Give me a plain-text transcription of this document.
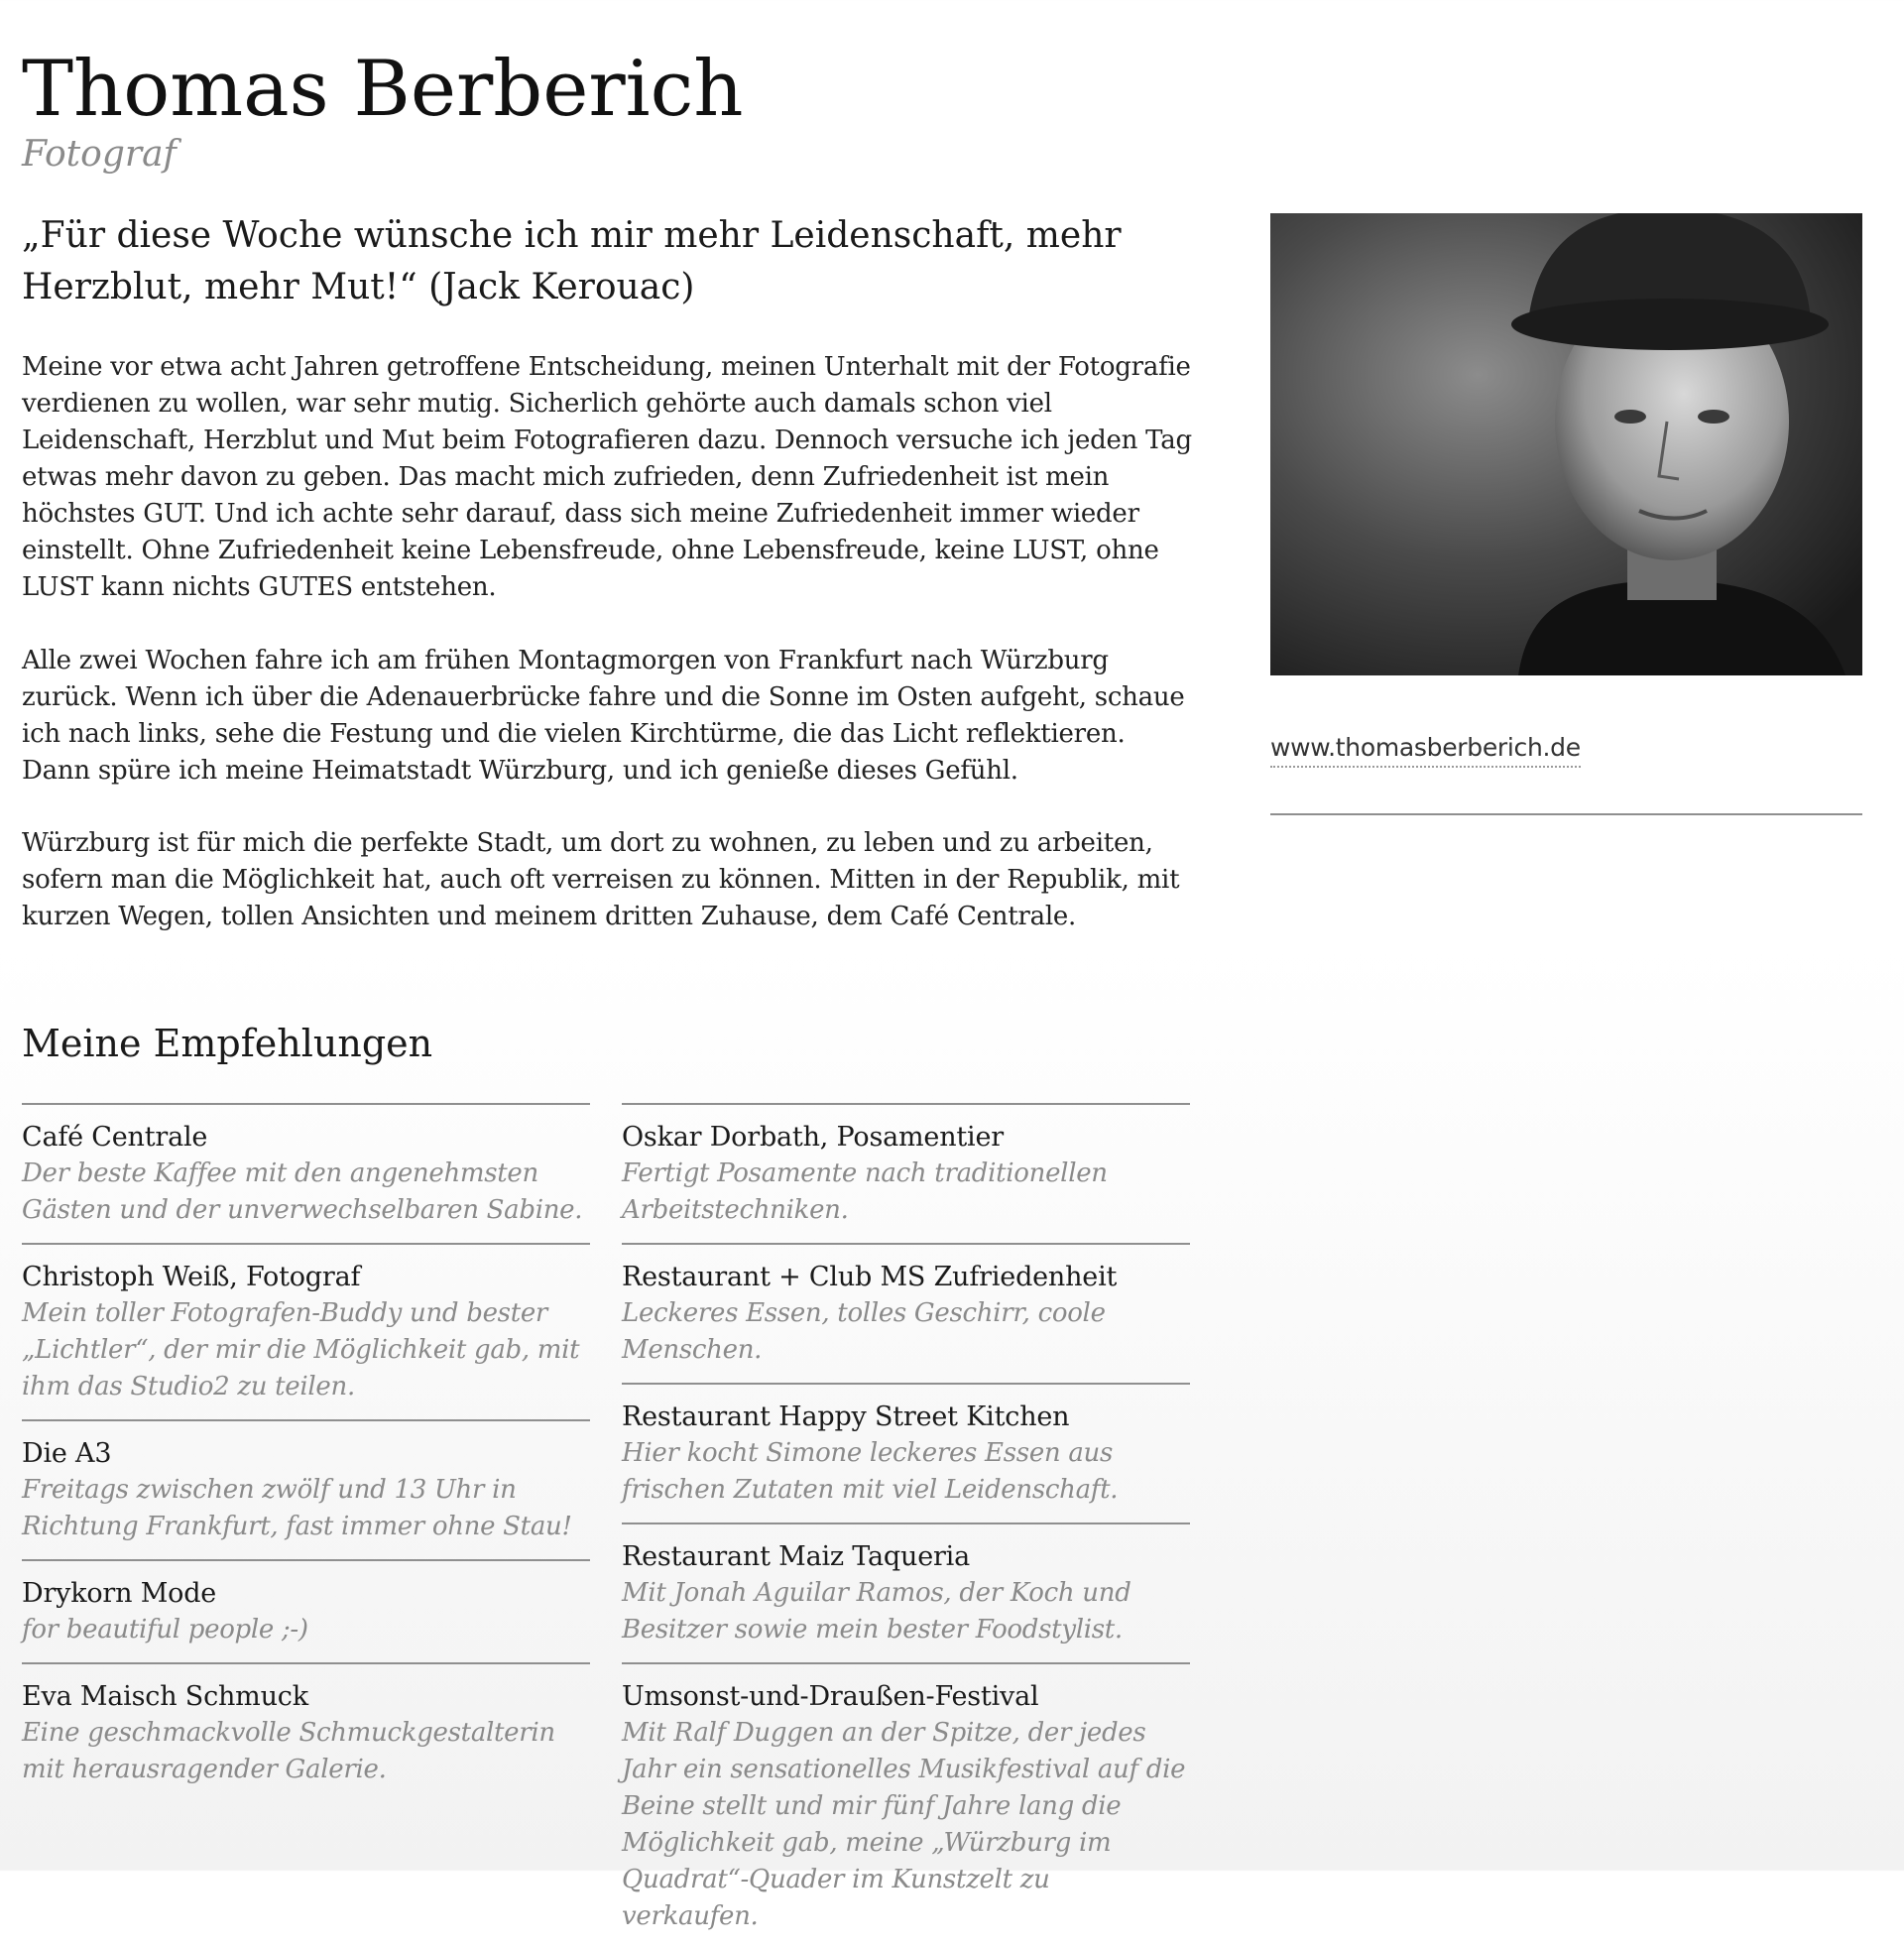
Thomas Berberich

Fotograf

„Für diese Woche wünsche ich mir mehr Leidenschaft, mehr Herzblut, mehr Mut!“ (Jack Kerouac)

Meine vor etwa acht Jahren getroffene Entscheidung, meinen Unterhalt mit der Fotografie verdienen zu wollen, war sehr mutig. Sicherlich gehörte auch damals schon viel Leidenschaft, Herzblut und Mut beim Fotografieren dazu. Dennoch versuche ich jeden Tag etwas mehr davon zu geben. Das macht mich zufrieden, denn Zufriedenheit ist mein höchstes GUT. Und ich achte sehr darauf, dass sich meine Zufriedenheit immer wieder einstellt. Ohne Zufriedenheit keine Lebensfreude, ohne Lebensfreude, keine LUST, ohne LUST kann nichts GUTES entstehen.

Alle zwei Wochen fahre ich am frühen Montagmorgen von Frankfurt nach Würzburg zurück. Wenn ich über die Adenauerbrücke fahre und die Sonne im Osten aufgeht, schaue ich nach links, sehe die Festung und die vielen Kirchtürme, die das Licht reflektieren. Dann spüre ich meine Heimatstadt Würzburg, und ich genieße dieses Gefühl.

Würzburg ist für mich die perfekte Stadt, um dort zu wohnen, zu leben und zu arbeiten, sofern man die Möglichkeit hat, auch oft verreisen zu können. Mitten in der Republik, mit kurzen Wegen, tollen Ansichten und meinem dritten Zuhause, dem Café Centrale.

Meine Empfehlungen
Café Centrale
Der beste Kaffee mit den angenehmsten Gästen und der unverwechselbaren Sabine.
Christoph Weiß, Fotograf
Mein toller Fotografen-Buddy und bester „Lichtler“, der mir die Möglichkeit gab, mit ihm das Studio2 zu teilen.
Die A3
Freitags zwischen zwölf und 13 Uhr in Richtung Frankfurt, fast immer ohne Stau!
Drykorn Mode
for beautiful people ;-)
Eva Maisch Schmuck
Eine geschmackvolle Schmuckgestalterin mit herausragender Galerie.
Oskar Dorbath, Posamentier
Fertigt Posamente nach traditionellen Arbeitstechniken.
Restaurant + Club MS Zufriedenheit
Leckeres Essen, tolles Geschirr, coole Menschen.
Restaurant Happy Street Kitchen
Hier kocht Simone leckeres Essen aus frischen Zutaten mit viel Leidenschaft.
Restaurant Maiz Taqueria
Mit Jonah Aguilar Ramos, der Koch und Besitzer sowie mein bester Foodstylist.
Umsonst-und-Draußen-Festival
Mit Ralf Duggen an der Spitze, der jedes Jahr ein sensationelles Musikfestival auf die Beine stellt und mir fünf Jahre lang die Möglichkeit gab, meine „Würzburg im Quadrat“-Quader im Kunstzelt zu verkaufen.
www.thomasberberich.de
